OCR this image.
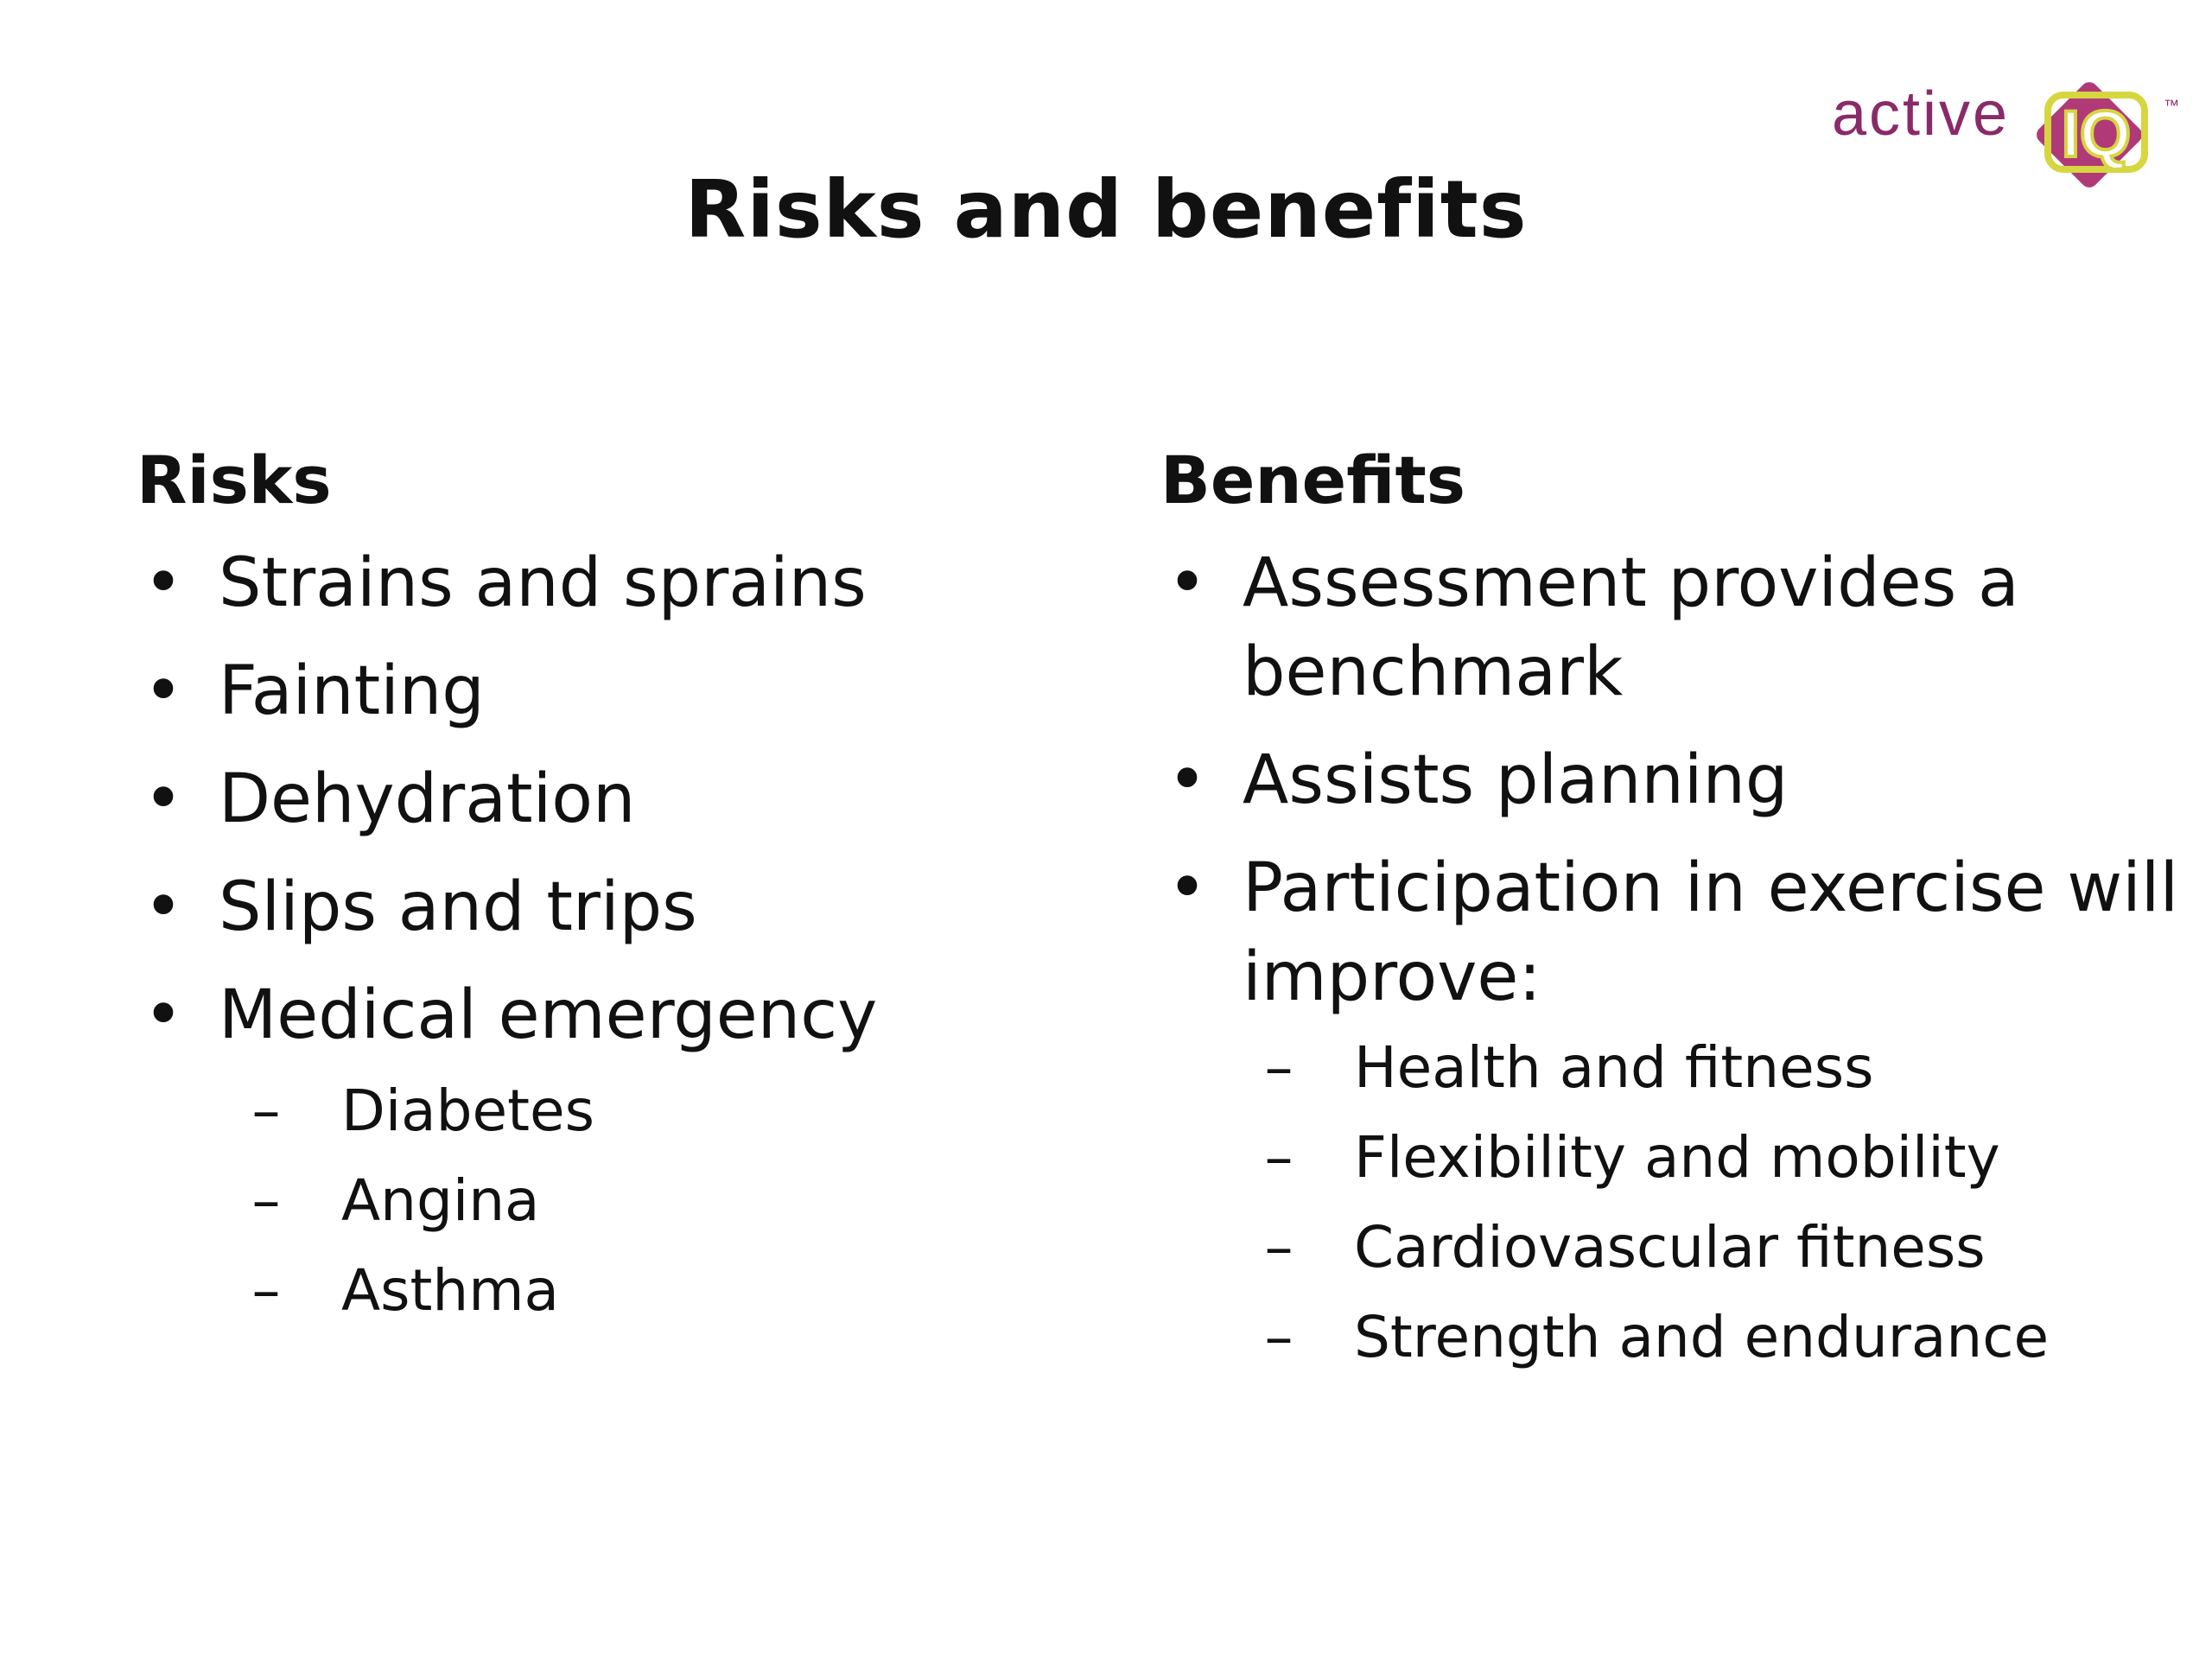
active IQ ™
Risks and benefits
Risks
• Strains and sprains
• Fainting
• Dehydration
• Slips and trips
• Medical emergency
– Diabetes
– Angina
– Asthma
Benefits
• Assessment provides a benchmark
• Assists planning
• Participation in exercise will improve:
– Health and fitness
– Flexibility and mobility
– Cardiovascular fitness
– Strength and endurance
